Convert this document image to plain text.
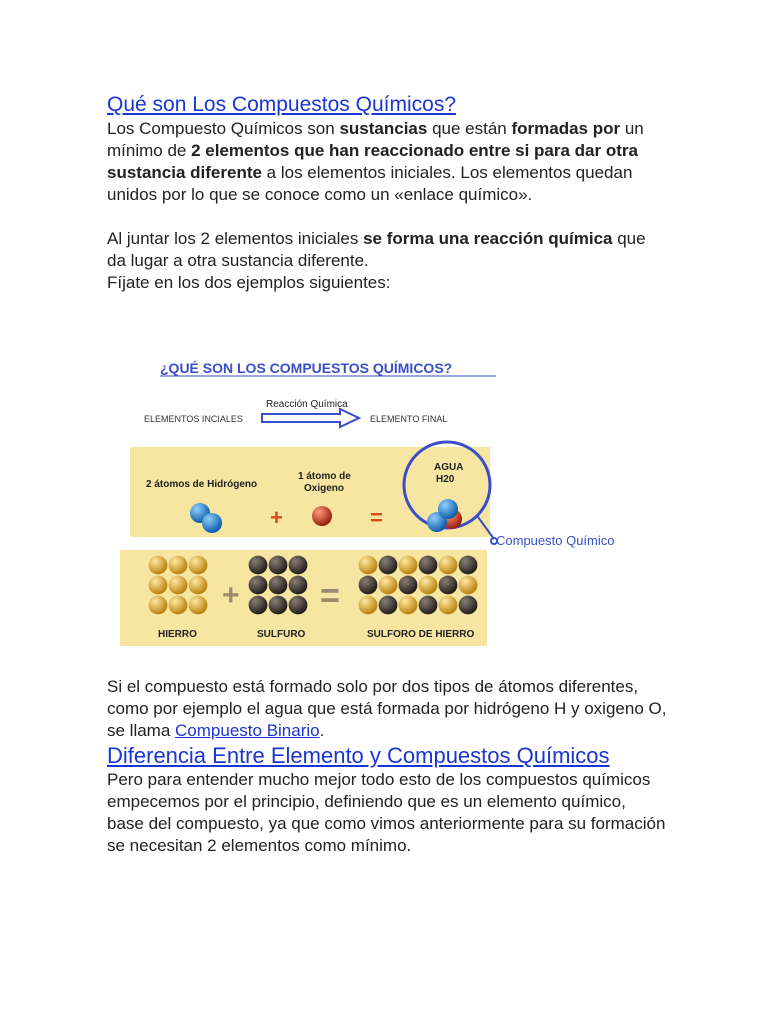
Qué son Los Compuestos Químicos?

Los Compuesto Químicos son sustancias que están formadas por un mínimo de 2 elementos que han reaccionado entre si para dar otra sustancia diferente a los elementos iniciales. Los elementos quedan unidos por lo que se conoce como un «enlace químico».

Al juntar los 2 elementos iniciales se forma una reacción química que da lugar a otra sustancia diferente.

Fíjate en los dos ejemplos siguientes:

¿QUÉ SON LOS COMPUESTOS QUÍMICOS?
Reacción Química
ELEMENTOS INCIALES	ELEMENTO FINAL
2 átomos de Hidrógeno
+
1 átomo de
Oxigeno
=
AGUA
H20
Compuesto Químico
+ =
HIERRO	SULFURO	SULFORO DE HIERRO

Si el compuesto está formado solo por dos tipos de átomos diferentes, como por ejemplo el agua que está formada por hidrógeno H y oxigeno O, se llama Compuesto Binario.

Diferencia Entre Elemento y Compuestos Químicos

Pero para entender mucho mejor todo esto de los compuestos químicos empecemos por el principio, definiendo que es un elemento químico, base del compuesto, ya que como vimos anteriormente para su formación se necesitan 2 elementos como mínimo.
